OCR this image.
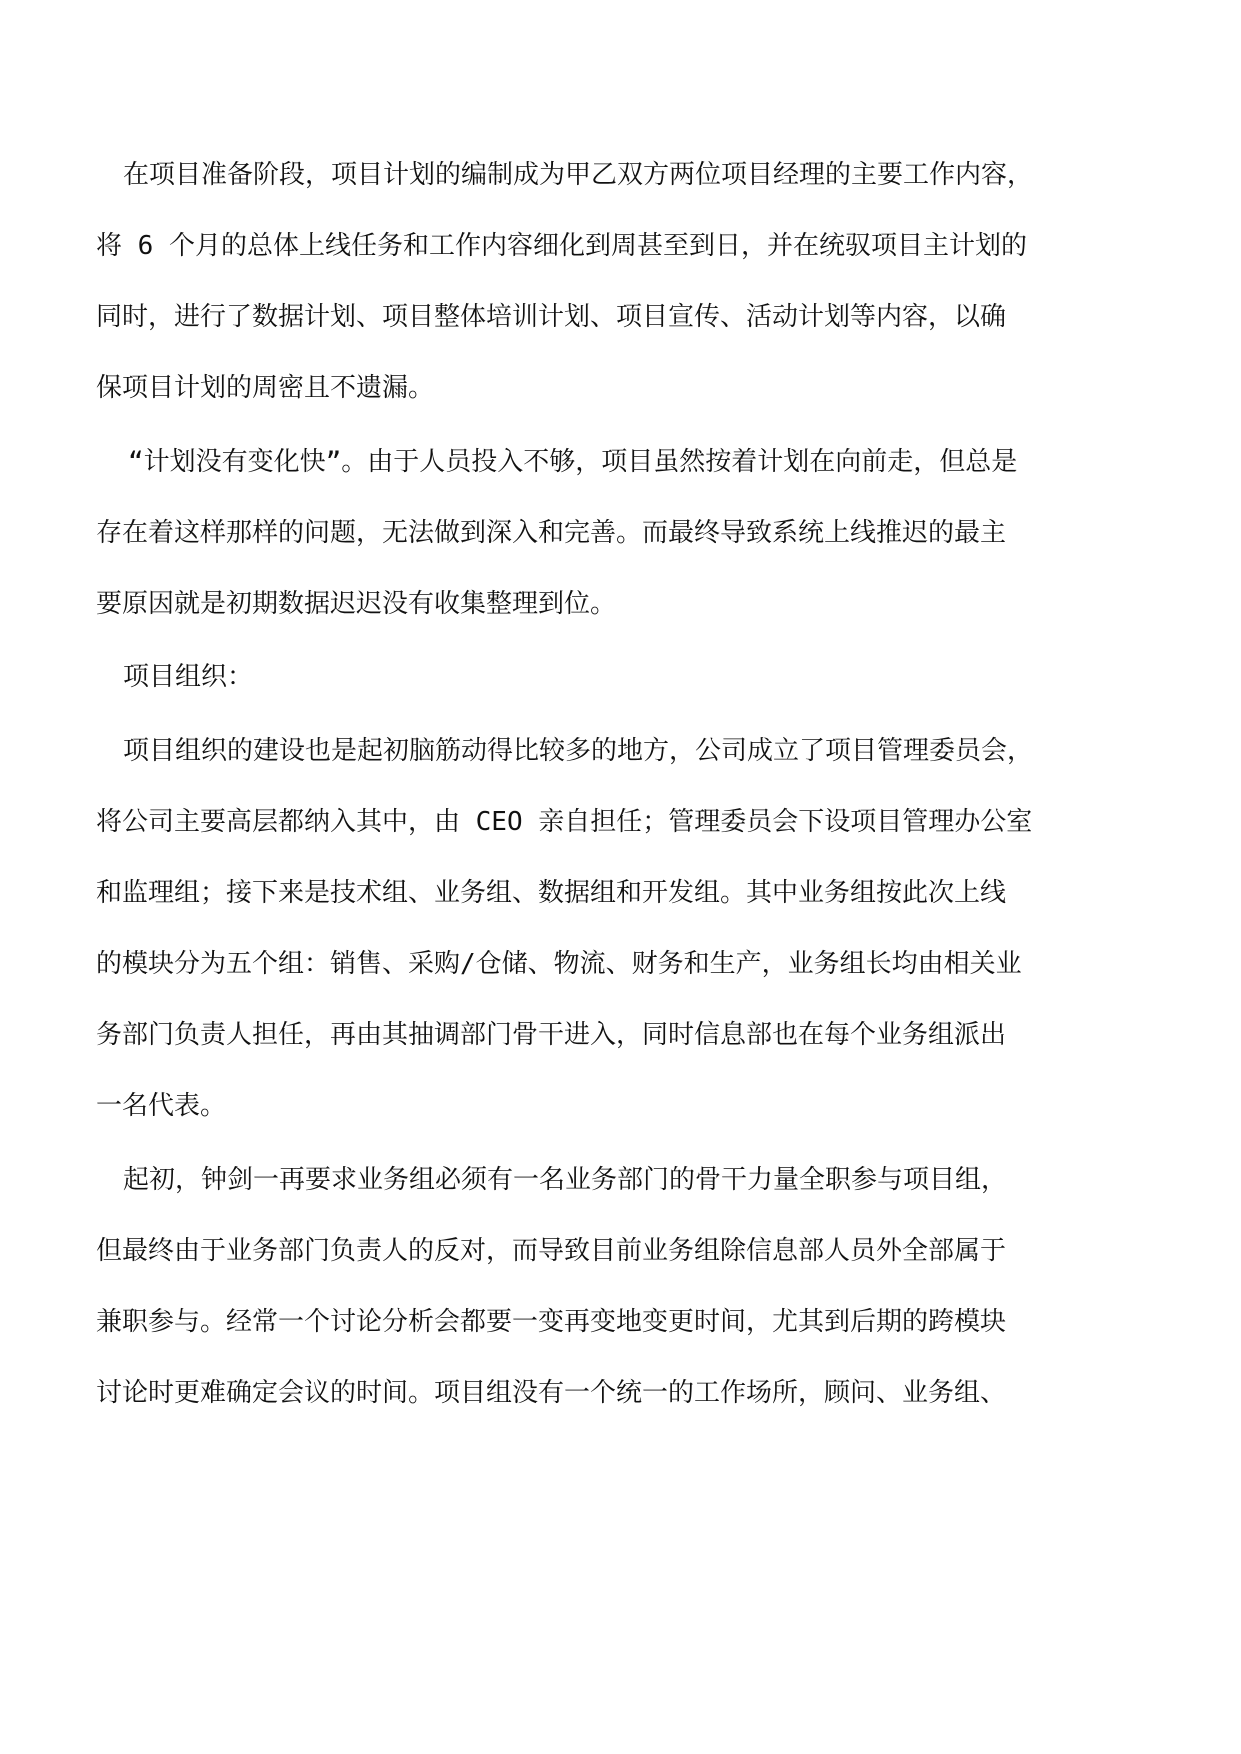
在项目准备阶段，项目计划的编制成为甲乙双方两位项目经理的主要工作内容，
将 6 个月的总体上线任务和工作内容细化到周甚至到日，并在统驭项目主计划的
同时，进行了数据计划、项目整体培训计划、项目宣传、活动计划等内容，以确
保项目计划的周密且不遗漏。
“计划没有变化快”。由于人员投入不够，项目虽然按着计划在向前走，但总是
存在着这样那样的问题，无法做到深入和完善。而最终导致系统上线推迟的最主
要原因就是初期数据迟迟没有收集整理到位。
项目组织：
项目组织的建设也是起初脑筋动得比较多的地方，公司成立了项目管理委员会，
将公司主要高层都纳入其中，由 CEO 亲自担任；管理委员会下设项目管理办公室
和监理组；接下来是技术组、业务组、数据组和开发组。其中业务组按此次上线
的模块分为五个组：销售、采购/仓储、物流、财务和生产，业务组长均由相关业
务部门负责人担任，再由其抽调部门骨干进入，同时信息部也在每个业务组派出
一名代表。
起初，钟剑一再要求业务组必须有一名业务部门的骨干力量全职参与项目组，
但最终由于业务部门负责人的反对，而导致目前业务组除信息部人员外全部属于
兼职参与。经常一个讨论分析会都要一变再变地变更时间，尤其到后期的跨模块
讨论时更难确定会议的时间。项目组没有一个统一的工作场所，顾问、业务组、
